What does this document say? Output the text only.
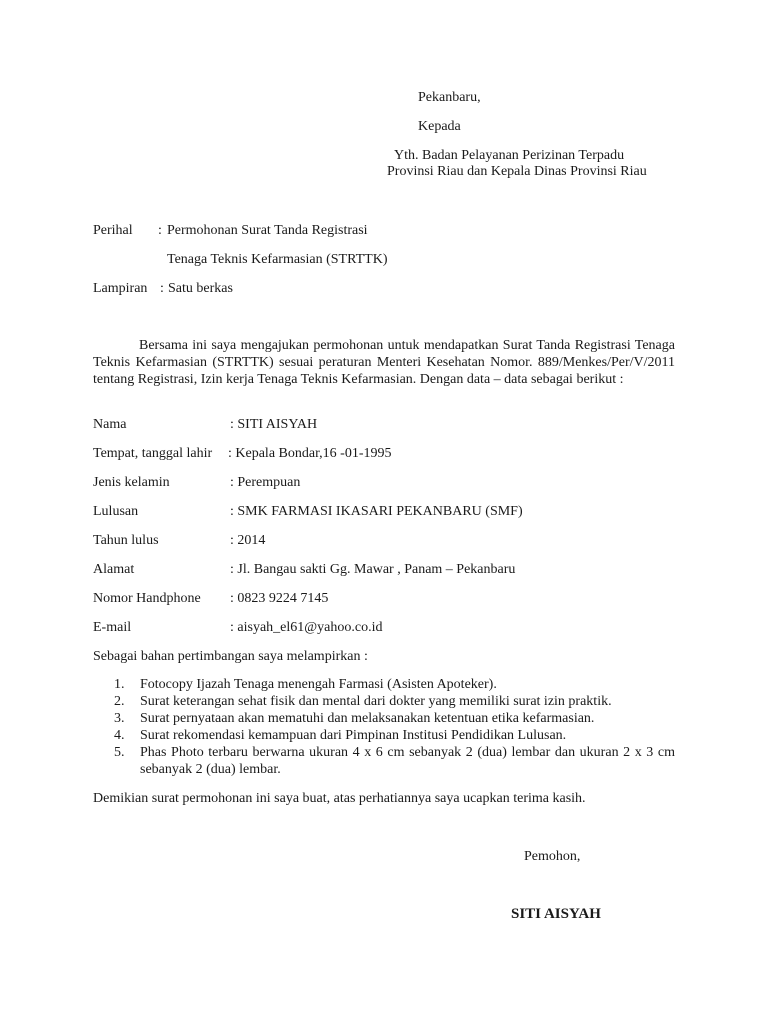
Pekanbaru,
Kepada
Yth. Badan Pelayanan Perizinan Terpadu
Provinsi Riau dan Kepala Dinas Provinsi Riau
Perihal : Permohonan Surat Tanda Registrasi
Tenaga Teknis Kefarmasian (STRTTK)
Lampiran : Satu berkas
Bersama ini saya mengajukan permohonan untuk mendapatkan Surat Tanda Registrasi Tenaga Teknis Kefarmasian (STRTTK) sesuai peraturan Menteri Kesehatan Nomor. 889/Menkes/Per/V/2011 tentang Registrasi, Izin kerja Tenaga Teknis Kefarmasian. Dengan data – data sebagai berikut :
Nama	: SITI AISYAH
Tempat, tanggal lahir : Kepala Bondar,16 -01-1995
Jenis kelamin	: Perempuan
Lulusan	: SMK FARMASI IKASARI PEKANBARU (SMF)
Tahun lulus	: 2014
Alamat	: Jl. Bangau sakti Gg. Mawar , Panam – Pekanbaru
Nomor Handphone : 0823 9224 7145
E-mail	: aisyah_el61@yahoo.co.id
Sebagai bahan pertimbangan saya melampirkan :
1. Fotocopy Ijazah Tenaga menengah Farmasi (Asisten Apoteker).
2. Surat keterangan sehat fisik dan mental dari dokter yang memiliki surat izin praktik.
3. Surat pernyataan akan mematuhi dan melaksanakan ketentuan etika kefarmasian.
4. Surat rekomendasi kemampuan dari Pimpinan Institusi Pendidikan Lulusan.
5. Phas Photo terbaru berwarna ukuran 4 x 6 cm sebanyak 2 (dua) lembar dan ukuran 2 x 3 cm sebanyak 2 (dua) lembar.
Demikian surat permohonan ini saya buat, atas perhatiannya saya ucapkan terima kasih.
Pemohon,
SITI AISYAH
